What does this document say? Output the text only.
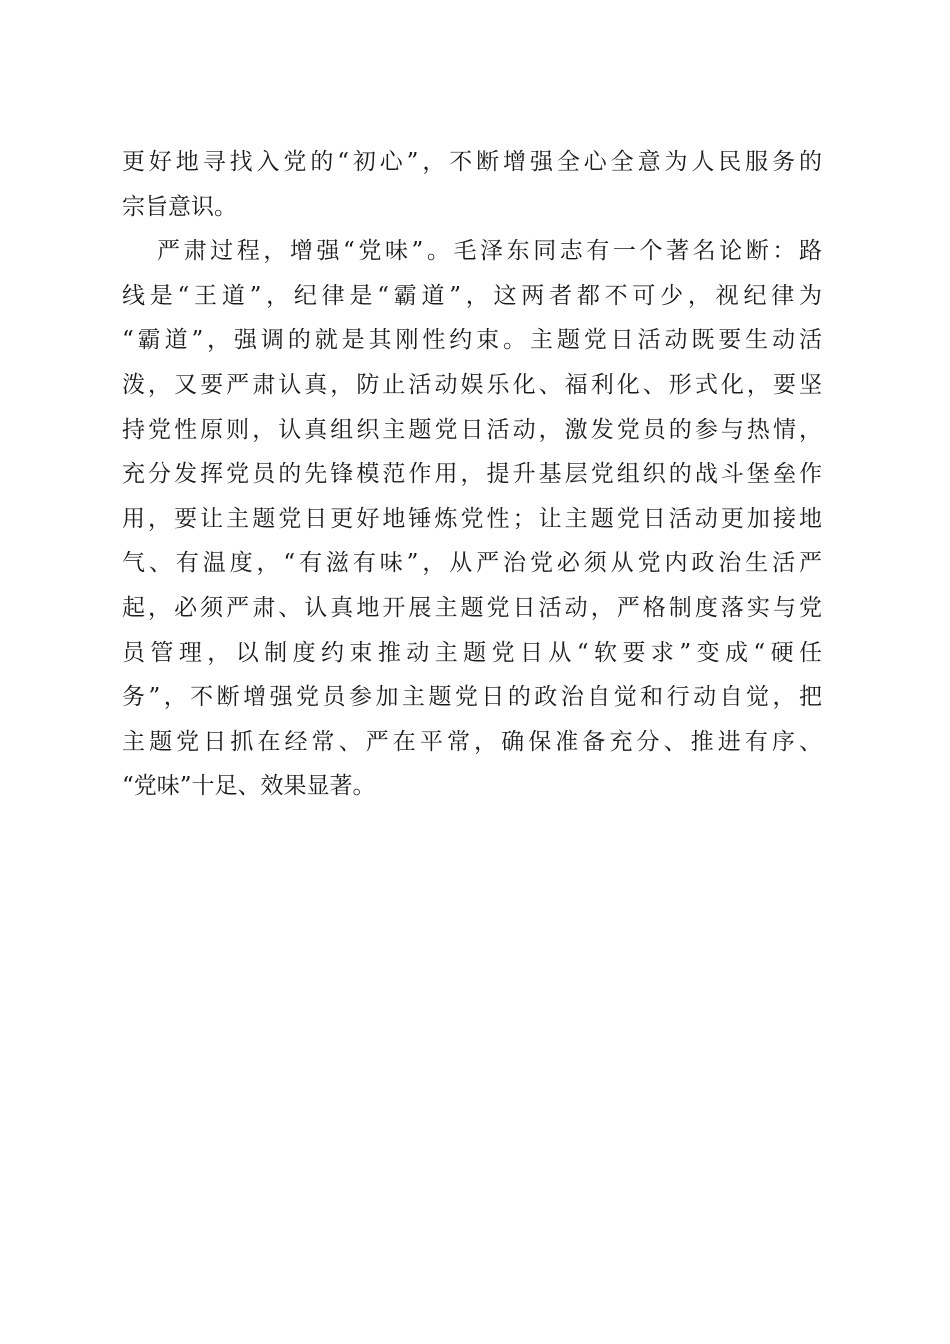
更好地寻找入党的“初心”，不断增强全心全意为人民服务的
宗旨意识。
严肃过程，增强“党味”。毛泽东同志有一个著名论断：路
线是“王道”，纪律是“霸道”，这两者都不可少，视纪律为
“霸道”，强调的就是其刚性约束。主题党日活动既要生动活
泼，又要严肃认真，防止活动娱乐化、福利化、形式化，要坚
持党性原则，认真组织主题党日活动，激发党员的参与热情，
充分发挥党员的先锋模范作用，提升基层党组织的战斗堡垒作
用，要让主题党日更好地锤炼党性；让主题党日活动更加接地
气、有温度，“有滋有味”，从严治党必须从党内政治生活严
起，必须严肃、认真地开展主题党日活动，严格制度落实与党
员管理，以制度约束推动主题党日从“软要求”变成“硬任
务”，不断增强党员参加主题党日的政治自觉和行动自觉，把
主题党日抓在经常、严在平常，确保准备充分、推进有序、
“党味”十足、效果显著。
